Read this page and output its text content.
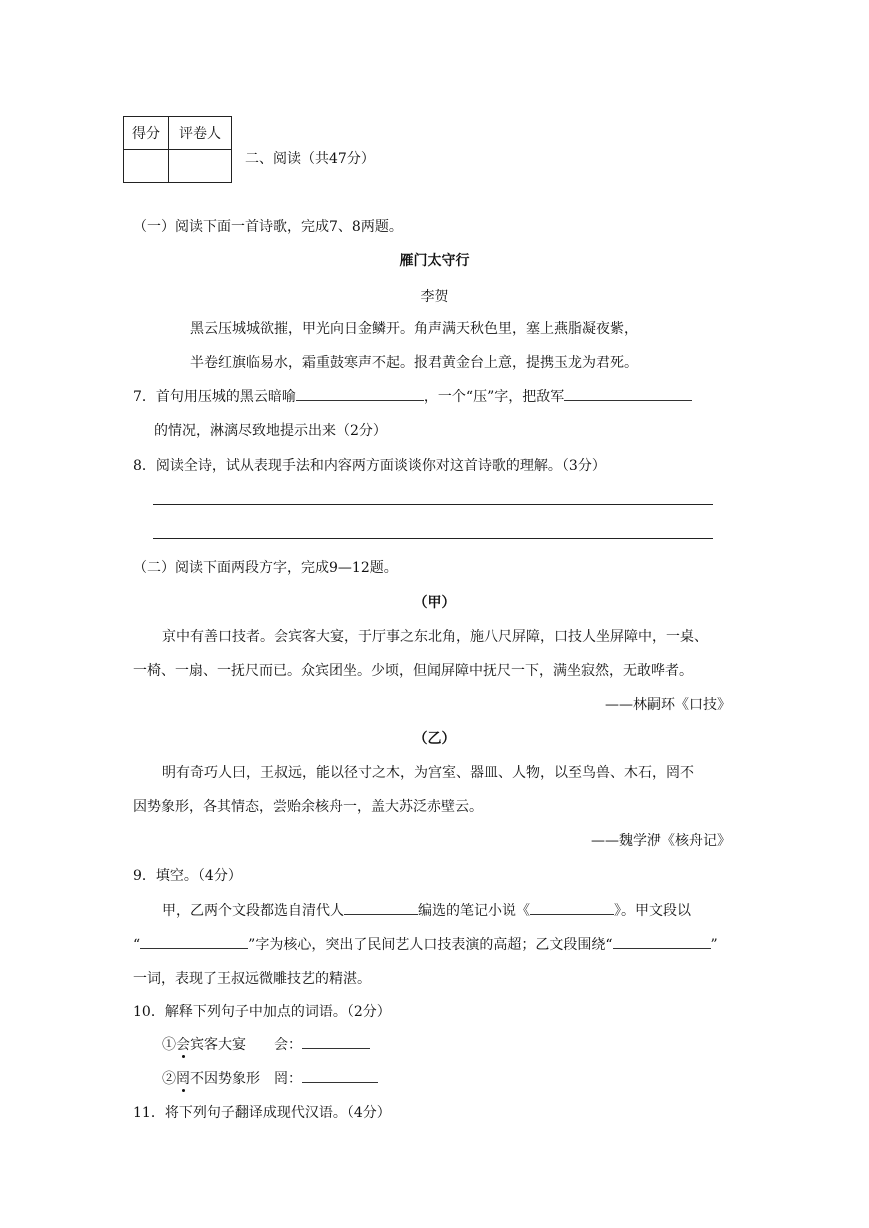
得分	评卷人

二、阅读（共47分）
（一）阅读下面一首诗歌，完成7、8两题。
雁门太守行
李贺
黑云压城城欲摧，甲光向日金鳞开。角声满天秋色里，塞上燕脂凝夜紫，
半卷红旗临易水，霜重鼓寒声不起。报君黄金台上意，提携玉龙为君死。
7．首句用压城的黑云暗喻	，一个“压”字，把敌军
的情况，淋漓尽致地提示出来（2分）
8．阅读全诗，试从表现手法和内容两方面谈谈你对这首诗歌的理解。（3分）
（二）阅读下面两段方字，完成9—12题。
（甲）
京中有善口技者。会宾客大宴，于厅事之东北角，施八尺屏障，口技人坐屏障中，一桌、
一椅、一扇、一抚尺而已。众宾团坐。少顷，但闻屏障中抚尺一下，满坐寂然，无敢哗者。
——林嗣环《口技》
（乙）
明有奇巧人曰，王叔远，能以径寸之木，为宫室、器皿、人物，以至鸟兽、木石，罔不
因势象形，各其情态，尝贻余核舟一，盖大苏泛赤壁云。
——魏学洢《核舟记》
9．填空。（4分）
甲，乙两个文段都选自清代人	编选的笔记小说《	》。甲文段以
“	”字为核心，突出了民间艺人口技表演的高超；乙文段围绕“	”
一词，表现了王叔远微雕技艺的精湛。
10．解释下列句子中加点的词语。（2分）
①会宾客大宴 会：
②罔不因势象形 罔：
11．将下列句子翻译成现代汉语。（4分）
